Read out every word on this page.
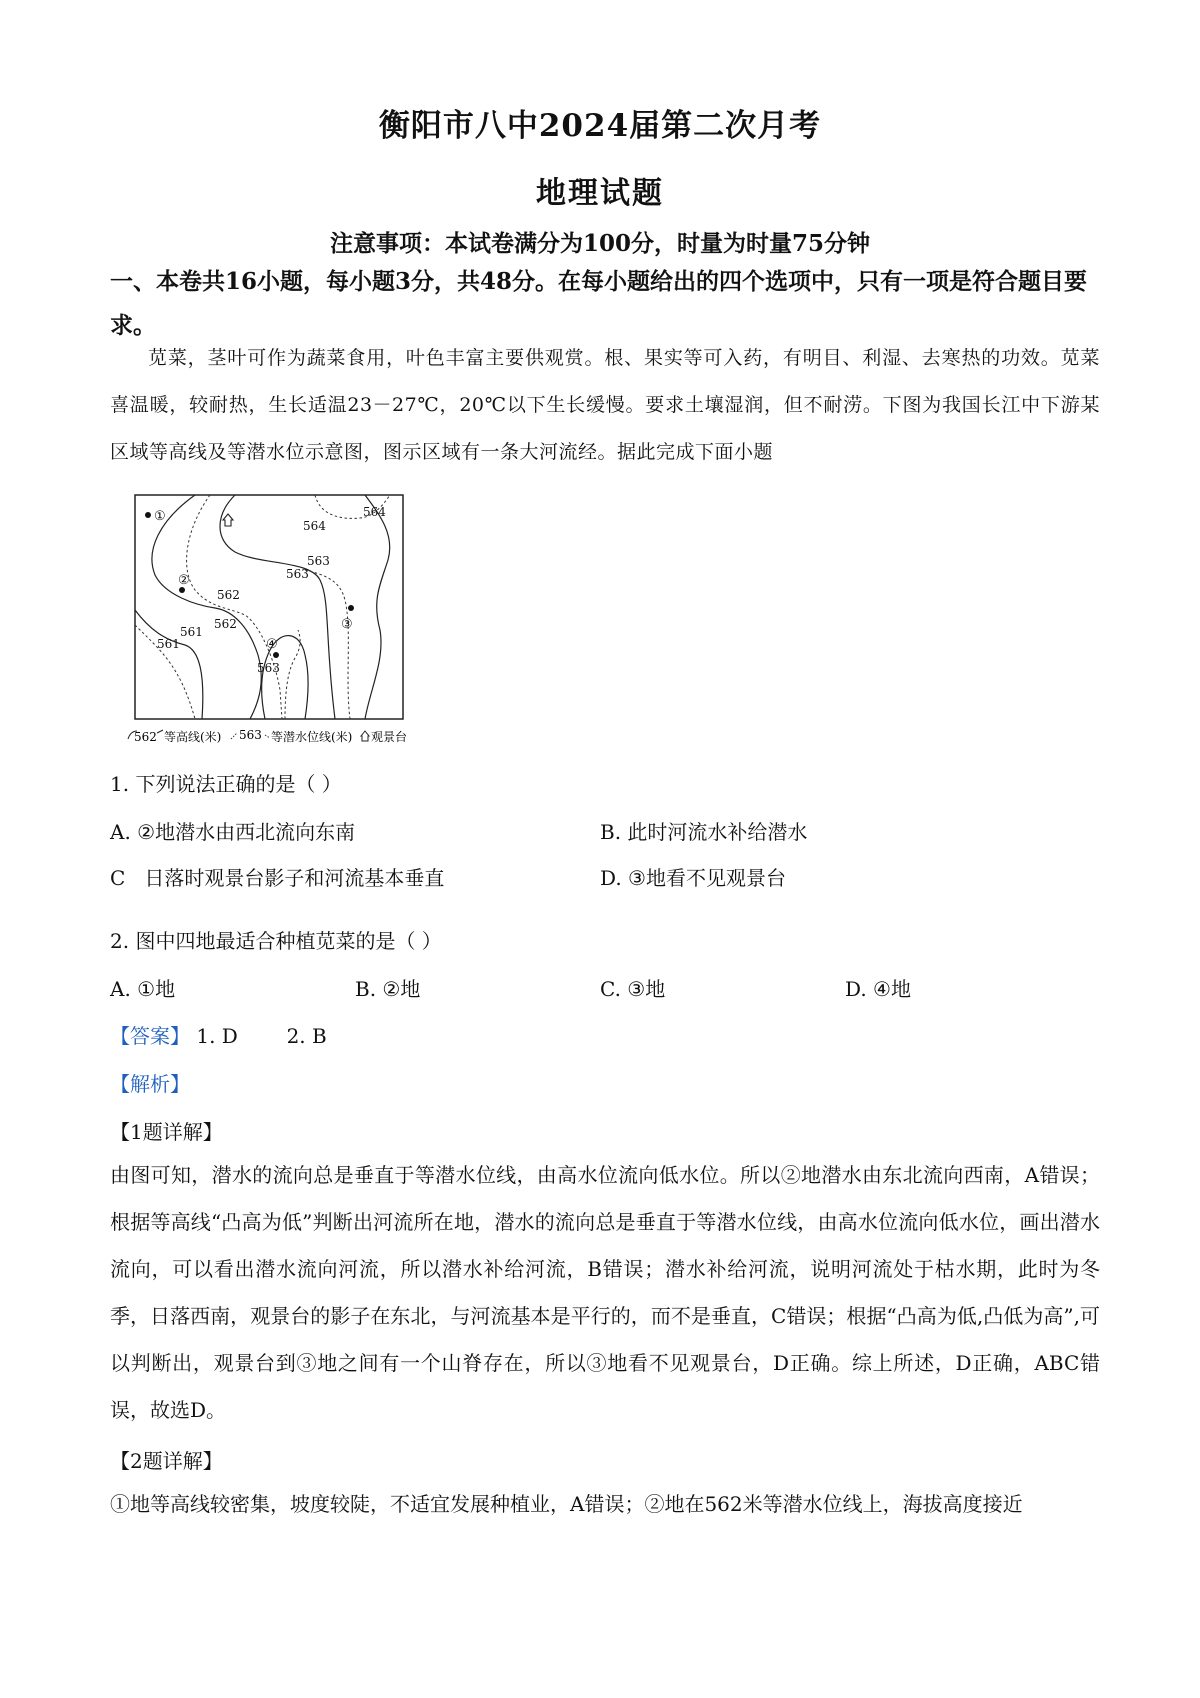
衡阳市八中2024届第二次月考
地理试题
注意事项：本试卷满分为100分，时量为时量75分钟
一、本卷共16小题，每小题3分，共48分。在每小题给出的四个选项中，只有一项是符合题目要求。

苋菜，茎叶可作为蔬菜食用，叶色丰富主要供观赏。根、果实等可入药，有明目、利湿、去寒热的功效。苋菜喜温暖，较耐热，生长适温23－27℃，20℃以下生长缓慢。要求土壤湿润，但不耐涝。下图为我国长江中下游某区域等高线及等潜水位示意图，图示区域有一条大河流经。据此完成下面小题

①
②
③
④
564
564
563
563
563
562
562
561
561
562 等高线(米) 563 等潜水位线(米) 观景台
1. 下列说法正确的是（ ）
A. ②地潜水由西北流向东南	B. 此时河流水补给潜水
C   日落时观景台影子和河流基本垂直	D. ③地看不见观景台
2. 图中四地最适合种植苋菜的是（ ）
A. ①地	B. ②地	C. ③地	D. ④地
【答案】 1. D 2. B
【解析】
【1题详解】

由图可知，潜水的流向总是垂直于等潜水位线，由高水位流向低水位。所以②地潜水由东北流向西南，A错误；根据等高线“凸高为低”判断出河流所在地，潜水的流向总是垂直于等潜水位线，由高水位流向低水位，画出潜水流向，可以看出潜水流向河流，所以潜水补给河流，B错误；潜水补给河流，说明河流处于枯水期，此时为冬季，日落西南，观景台的影子在东北，与河流基本是平行的，而不是垂直，C错误；根据“凸高为低,凸低为高”,可以判断出，观景台到③地之间有一个山脊存在，所以③地看不见观景台，D正确。综上所述，D正确，ABC错误，故选D。

【2题详解】

①地等高线较密集，坡度较陡，不适宜发展种植业，A错误；②地在562米等潜水位线上，海拔高度接近
